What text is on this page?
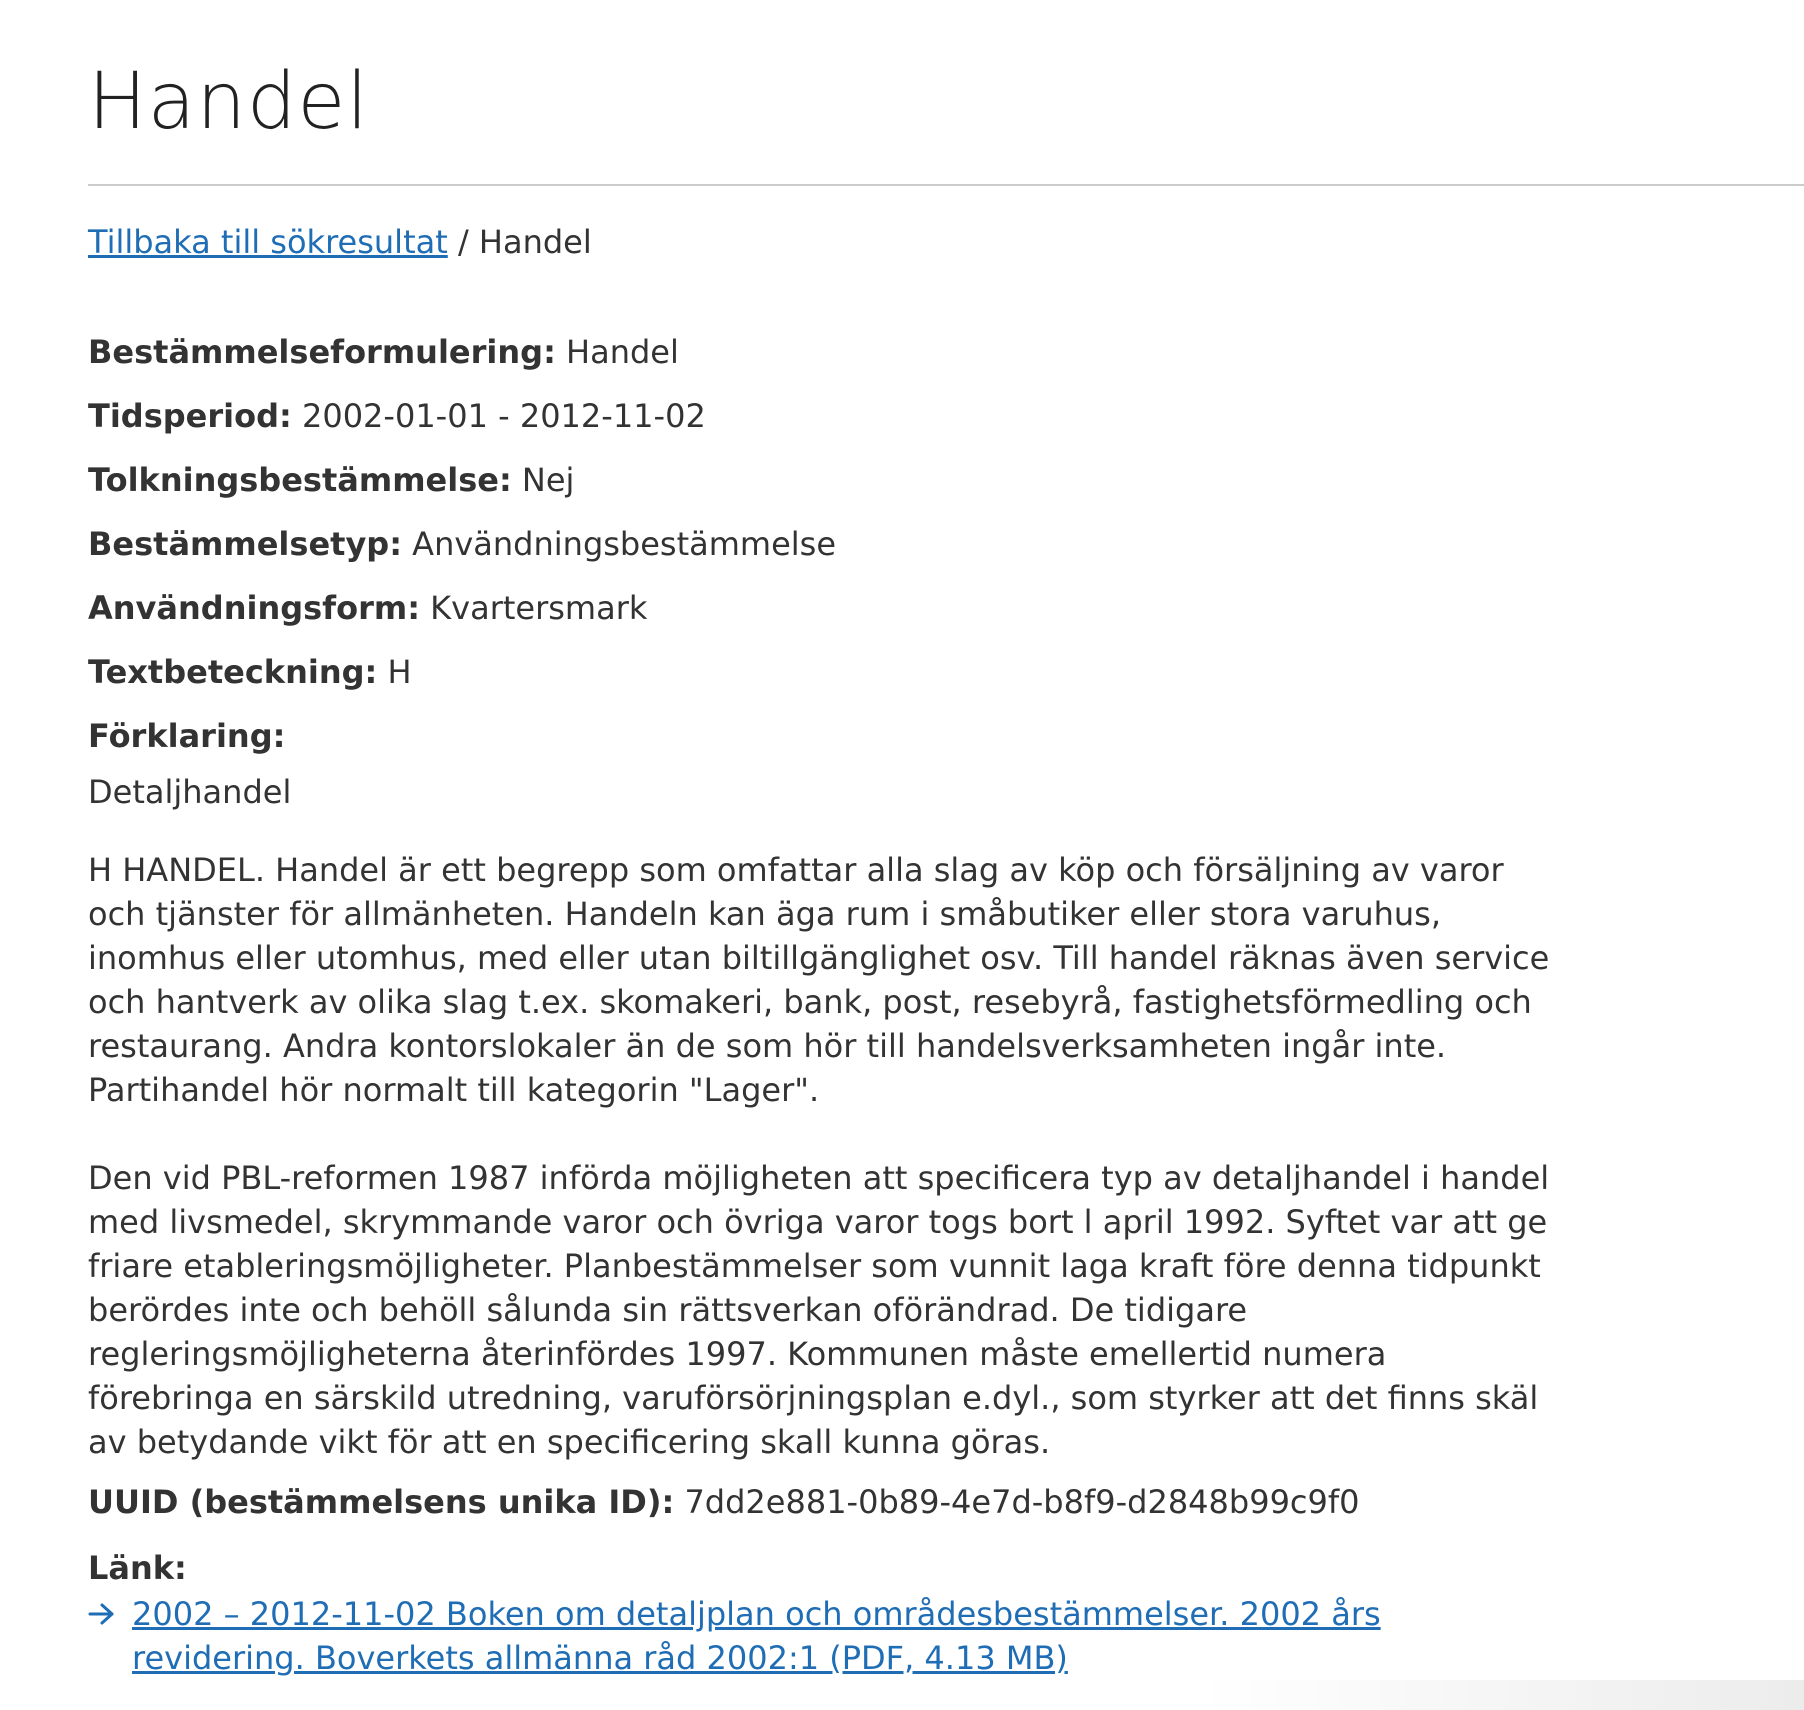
Handel
Tillbaka till sökresultat / Handel
Bestämmelseformulering: Handel
Tidsperiod: 2002-01-01 - 2012-11-02
Tolkningsbestämmelse: Nej
Bestämmelsetyp: Användningsbestämmelse
Användningsform: Kvartersmark
Textbeteckning: H
Förklaring:
Detaljhandel

H HANDEL. Handel är ett begrepp som omfattar alla slag av köp och försäljning av varor och tjänster för allmänheten. Handeln kan äga rum i småbutiker eller stora varuhus, inomhus eller utomhus, med eller utan biltillgänglighet osv. Till handel räknas även service och hantverk av olika slag t.ex. skomakeri, bank, post, resebyrå, fastighetsförmedling och restaurang. Andra kontorslokaler än de som hör till handelsverksamheten ingår inte. Partihandel hör normalt till kategorin "Lager".

Den vid PBL-reformen 1987 införda möjligheten att specificera typ av detaljhandel i handel med livsmedel, skrymmande varor och övriga varor togs bort l april 1992. Syftet var att ge friare etableringsmöjligheter. Planbestämmelser som vunnit laga kraft före denna tidpunkt berördes inte och behöll sålunda sin rättsverkan oförändrad. De tidigare regleringsmöjligheterna återinfördes 1997. Kommunen måste emellertid numera förebringa en särskild utredning, varuförsörjningsplan e.dyl., som styrker att det finns skäl av betydande vikt för att en specificering skall kunna göras.

UUID (bestämmelsens unika ID): 7dd2e881-0b89-4e7d-b8f9-d2848b99c9f0
Länk:
2002 – 2012-11-02 Boken om detaljplan och områdesbestämmelser. 2002 års revidering. Boverkets allmänna råd 2002:1 (PDF, 4.13 MB)
